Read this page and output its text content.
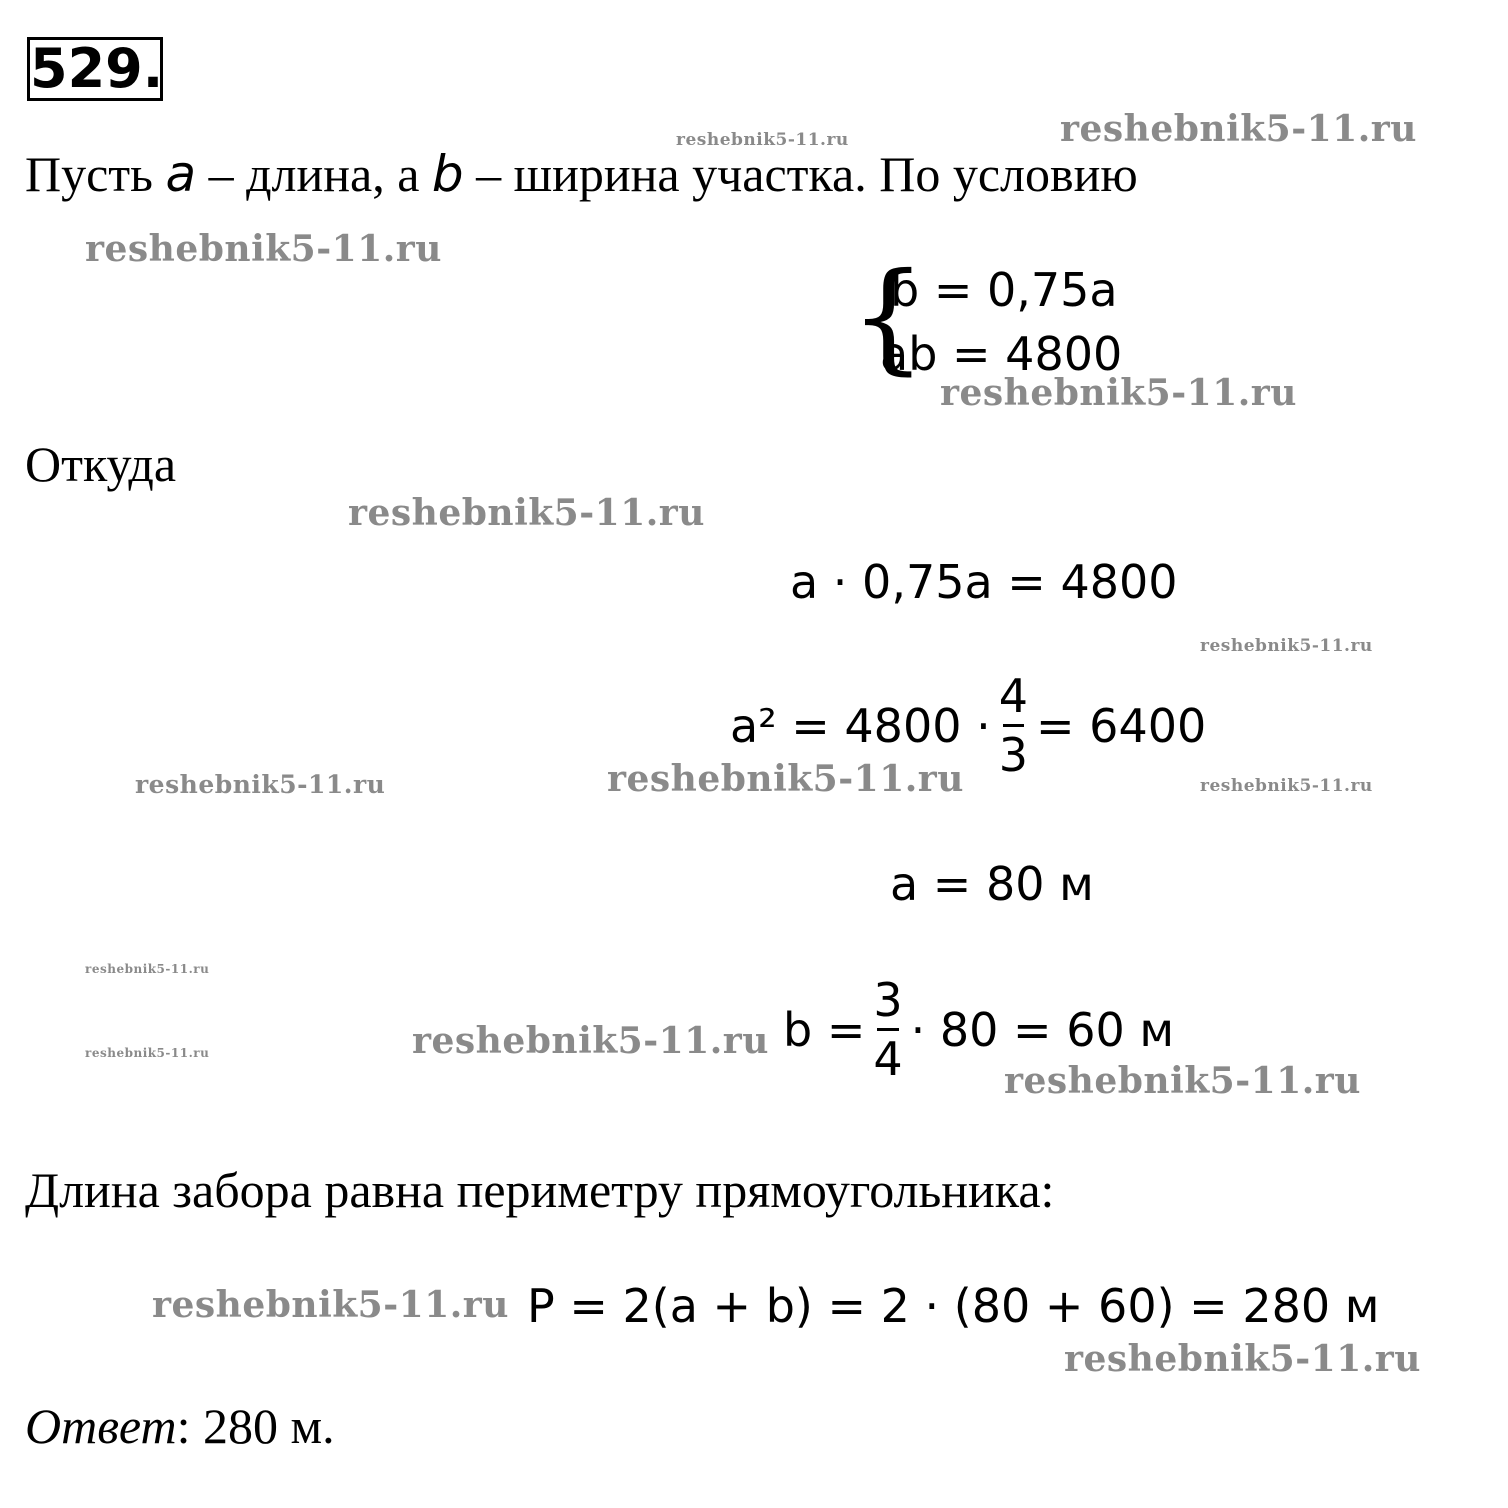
529.
Пусть a – длина, а b – ширина участка. По условию
{
b = 0,75a
ab = 4800
Откуда
a · 0,75a = 4800
$a^2 = 4800 \cdot \frac{4}{3} = 6400$
a = 80 м
$b = \frac{3}{4} \cdot 80 = 60$ м
Длина забора равна периметру прямоугольника:
P = 2(a + b) = 2 · (80 + 60) = 280 м
Ответ: 280 м.
reshebnik5-11.ru	reshebnik5-11.ru
reshebnik5-11.ru
reshebnik5-11.ru
reshebnik5-11.ru
reshebnik5-11.ru
reshebnik5-11.ru	reshebnik5-11.ru	reshebnik5-11.ru
reshebnik5-11.ru
reshebnik5-11.ru	reshebnik5-11.ru
reshebnik5-11.ru
reshebnik5-11.ru
reshebnik5-11.ru
